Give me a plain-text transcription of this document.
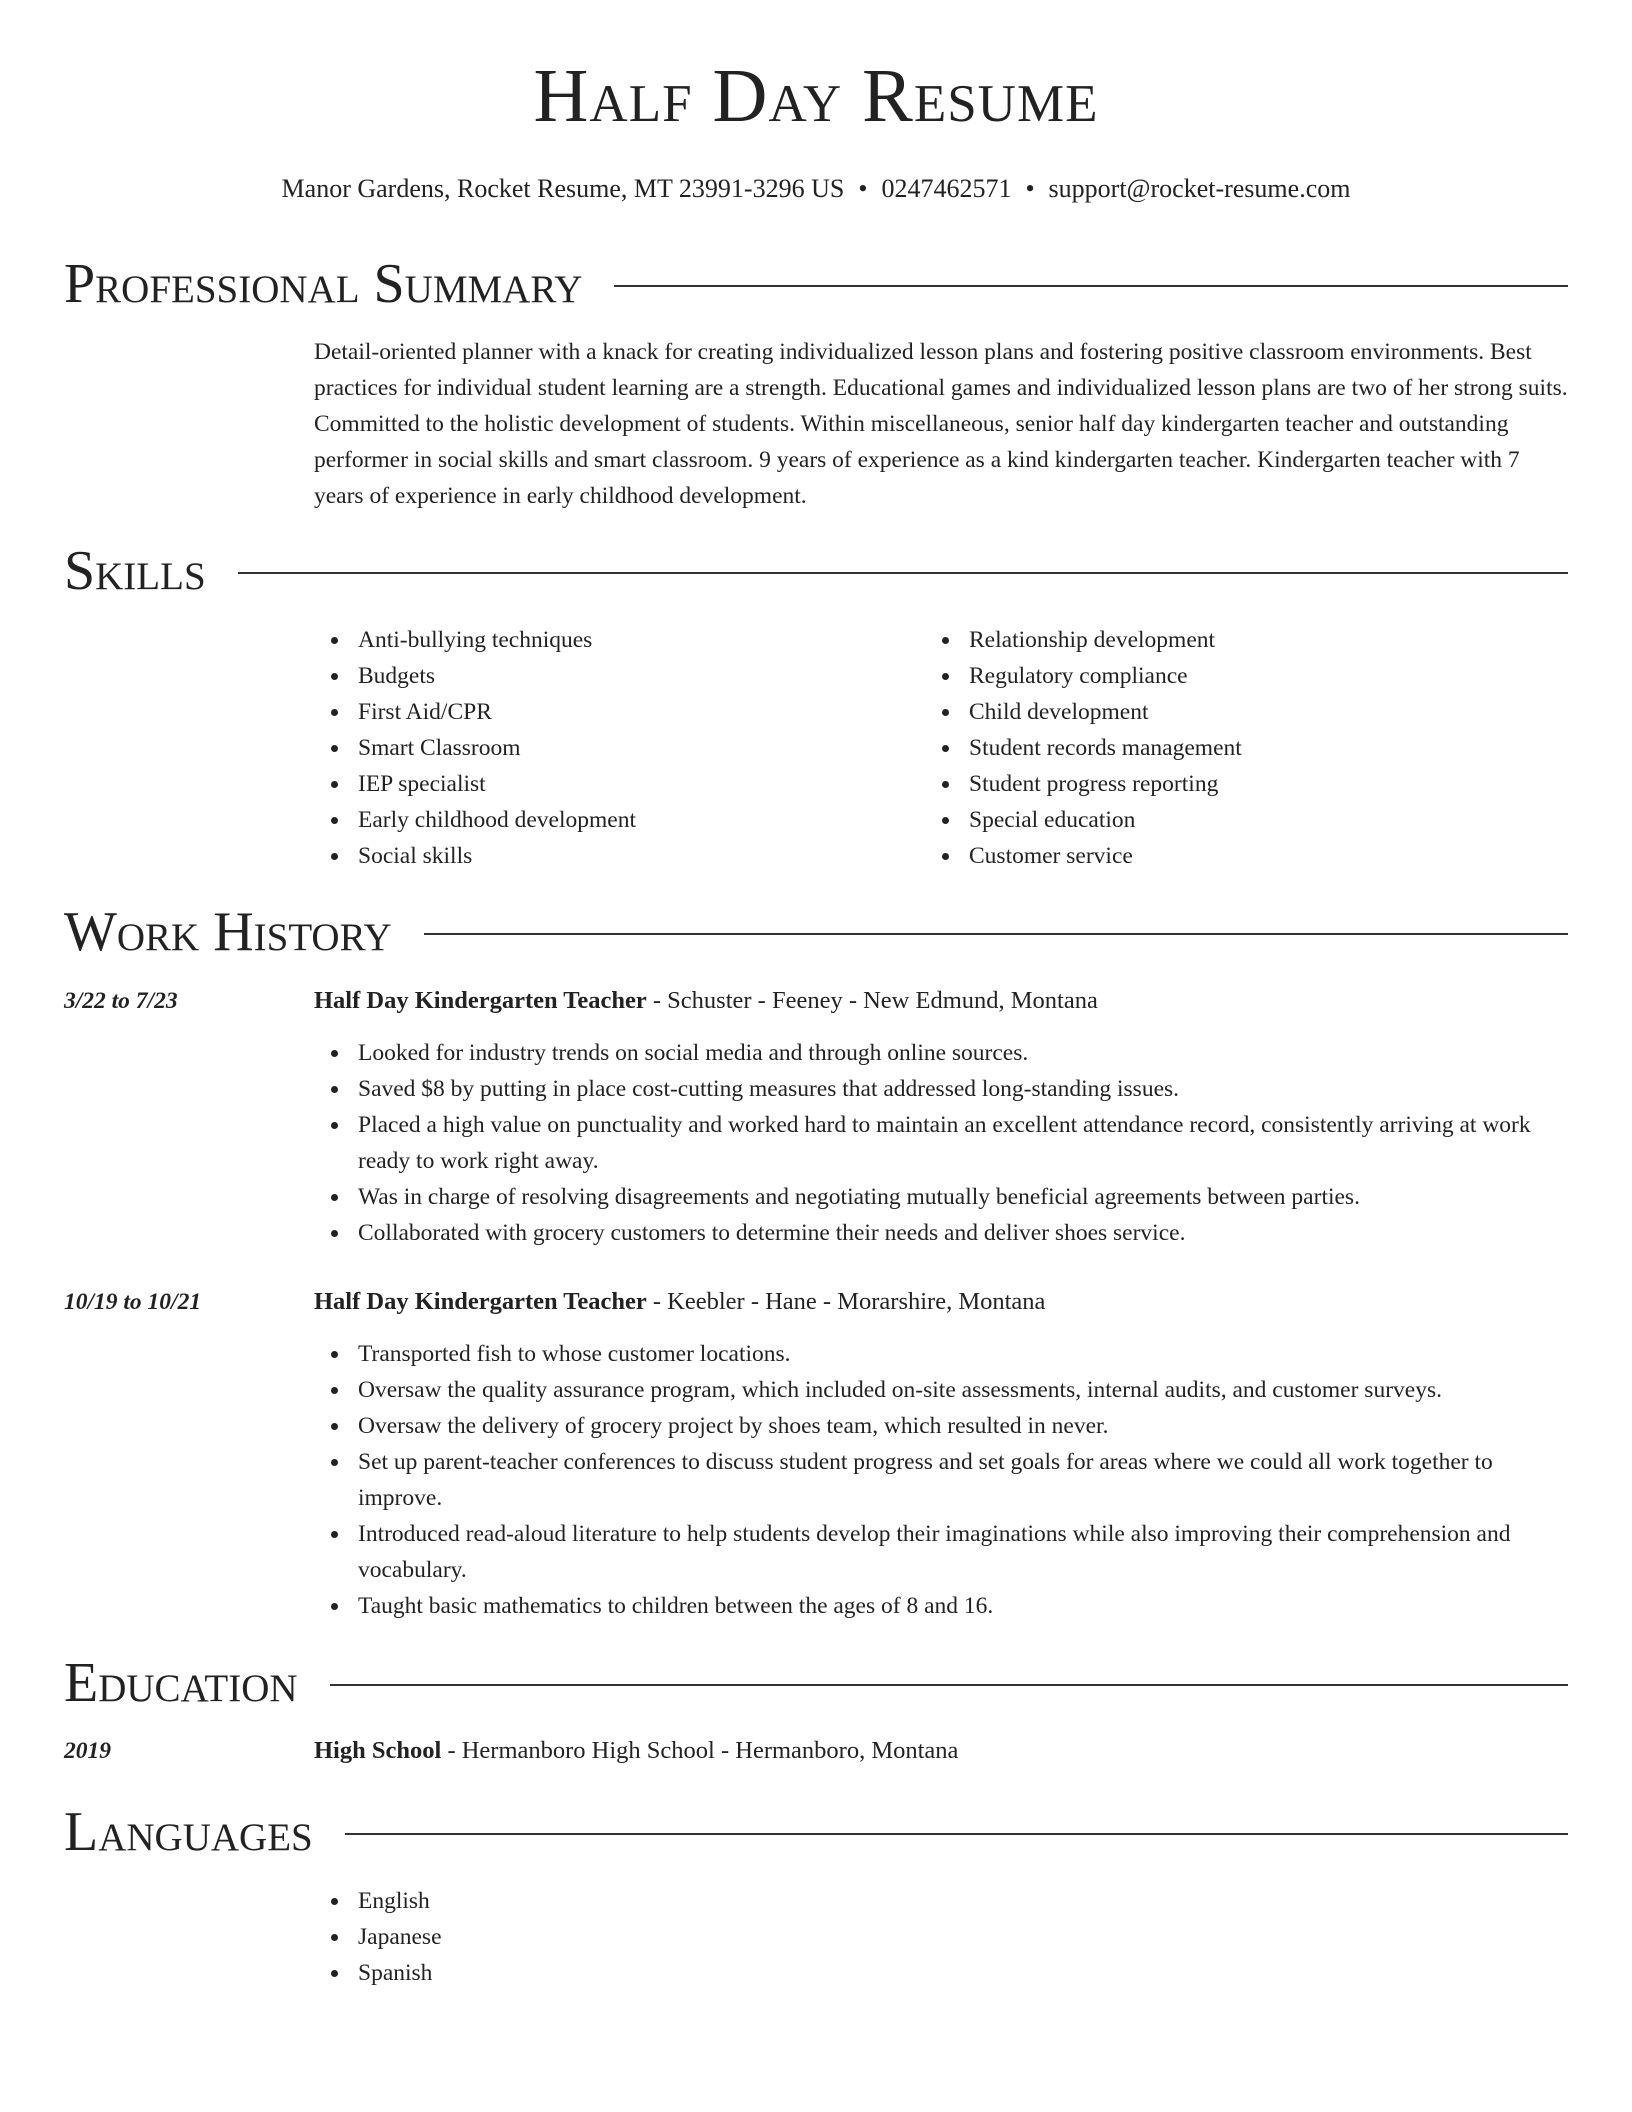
Half Day Resume
Manor Gardens, Rocket Resume, MT 23991-3296 US • 0247462571 • support@rocket-resume.com
Professional Summary
Detail-oriented planner with a knack for creating individualized lesson plans and fostering positive classroom environments. Best practices for individual student learning are a strength. Educational games and individualized lesson plans are two of her strong suits. Committed to the holistic development of students. Within miscellaneous, senior half day kindergarten teacher and outstanding performer in social skills and smart classroom. 9 years of experience as a kind kindergarten teacher. Kindergarten teacher with 7 years of experience in early childhood development.
Skills
Anti-bullying techniques
Budgets
First Aid/CPR
Smart Classroom
IEP specialist
Early childhood development
Social skills
Relationship development
Regulatory compliance
Child development
Student records management
Student progress reporting
Special education
Customer service
Work History
3/22 to 7/23	Half Day Kindergarten Teacher - Schuster - Feeney - New Edmund, Montana
Looked for industry trends on social media and through online sources.
Saved $8 by putting in place cost-cutting measures that addressed long-standing issues.
Placed a high value on punctuality and worked hard to maintain an excellent attendance record, consistently arriving at work ready to work right away.
Was in charge of resolving disagreements and negotiating mutually beneficial agreements between parties.
Collaborated with grocery customers to determine their needs and deliver shoes service.
10/19 to 10/21	Half Day Kindergarten Teacher - Keebler - Hane - Morarshire, Montana
Transported fish to whose customer locations.
Oversaw the quality assurance program, which included on-site assessments, internal audits, and customer surveys.
Oversaw the delivery of grocery project by shoes team, which resulted in never.
Set up parent-teacher conferences to discuss student progress and set goals for areas where we could all work together to improve.
Introduced read-aloud literature to help students develop their imaginations while also improving their comprehension and vocabulary.
Taught basic mathematics to children between the ages of 8 and 16.
Education
2019	High School - Hermanboro High School - Hermanboro, Montana
Languages
English
Japanese
Spanish
